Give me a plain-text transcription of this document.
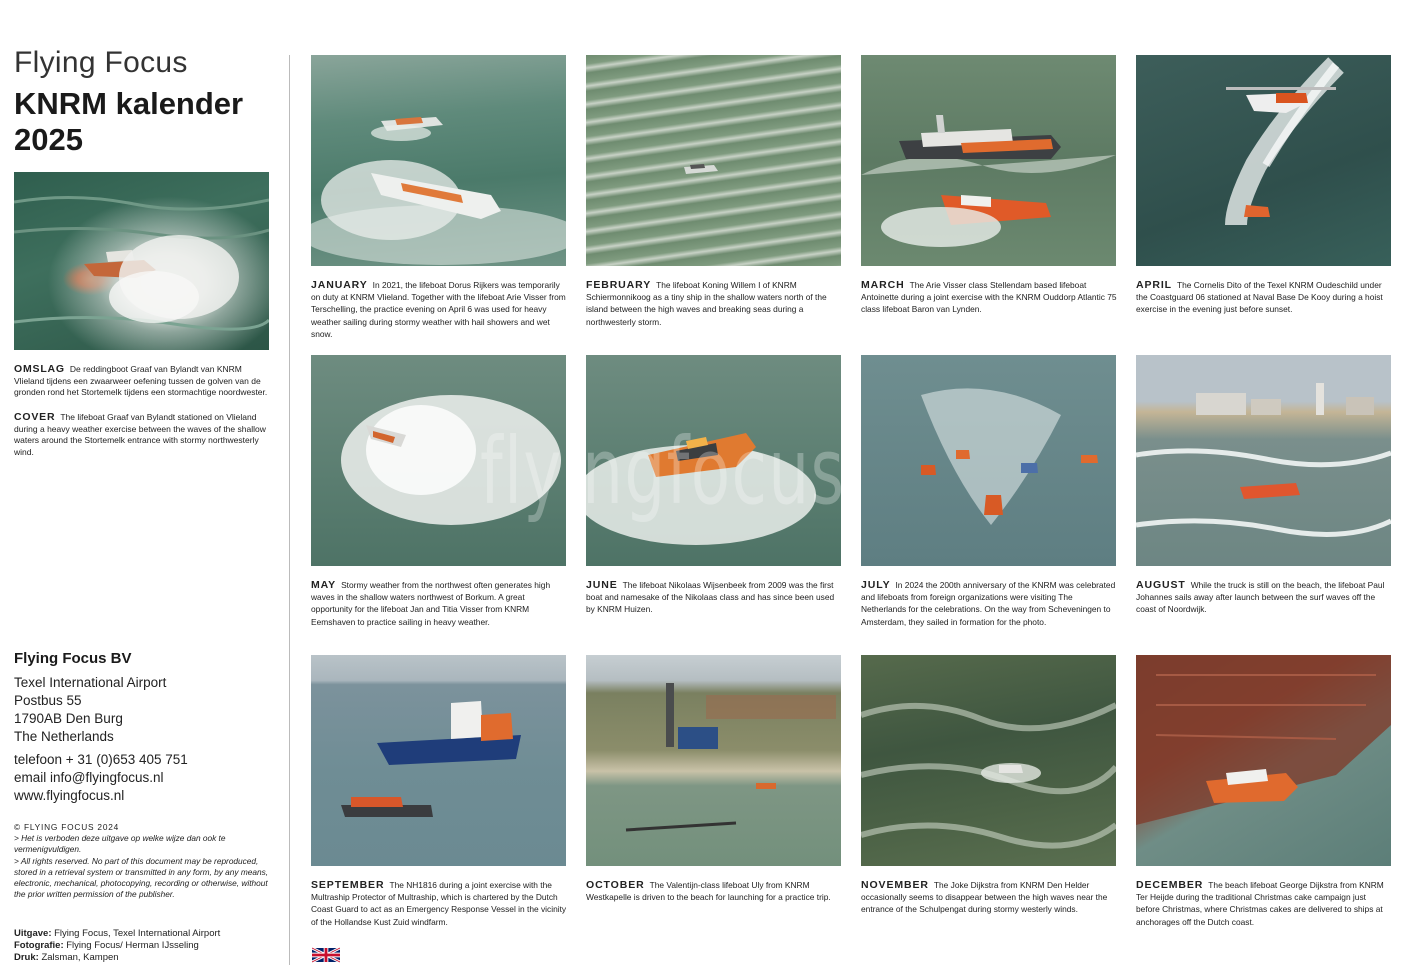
Flying Focus
KNRM kalender
2025
OMSLAG De reddingboot Graaf van Bylandt van KNRM Vlieland tijdens een zwaarweer oefening tussen de golven van de gronden rond het Stortemelk tijdens een stormachtige noordwester.
COVER The lifeboat Graaf van Bylandt stationed on Vlieland during a heavy weather exercise between the waves of the shallow waters around the Stortemelk entrance with stormy northwesterly wind.
Flying Focus BV
Texel International Airport
Postbus 55
1790AB Den Burg
The Netherlands
telefoon + 31 (0)653 405 751
email info@flyingfocus.nl
www.flyingfocus.nl
© FLYING FOCUS 2024
> Het is verboden deze uitgave op welke wijze dan ook te vermenigvuldigen.
> All rights reserved. No part of this document may be reproduced, stored in a retrieval system or transmitted in any form, by any means, electronic, mechanical, photocopying, recording or otherwise, without the prior written permission of the publisher.
Uitgave: Flying Focus, Texel International Airport
Fotografie: Flying Focus/ Herman IJsseling
Druk: Zalsman, Kampen
JANUARY In 2021, the lifeboat Dorus Rijkers was temporarily on duty at KNRM Vlieland. Together with the lifeboat Arie Visser from Terschelling, the practice evening on April 6 was used for heavy weather sailing during stormy weather with hail showers and wet snow.
FEBRUARY The lifeboat Koning Willem I of KNRM Schiermonnikoog as a tiny ship in the shallow waters north of the island between the high waves and breaking seas during a northwesterly storm.
MARCH The Arie Visser class Stellendam based lifeboat Antoinette during a joint exercise with the KNRM Ouddorp Atlantic 75 class lifeboat Baron van Lynden.
APRIL The Cornelis Dito of the Texel KNRM Oudeschild under the Coastguard 06 stationed at Naval Base De Kooy during a hoist exercise in the evening just before sunset.
MAY Stormy weather from the northwest often generates high waves in the shallow waters northwest of Borkum. A great opportunity for the lifeboat Jan and Titia Visser from KNRM Eemshaven to practice sailing in heavy weather.
JUNE The lifeboat Nikolaas Wijsenbeek from 2009 was the first boat and namesake of the Nikolaas class and has since been used by KNRM Huizen.
JULY In 2024 the 200th anniversary of the KNRM was celebrated and lifeboats from foreign organizations were visiting The Netherlands for the celebrations. On the way from Scheveningen to Amsterdam, they sailed in formation for the photo.
AUGUST While the truck is still on the beach, the lifeboat Paul Johannes sails away after launch between the surf waves off the coast of Noordwijk.
SEPTEMBER The NH1816 during a joint exercise with the Multraship Protector of Multraship, which is chartered by the Dutch Coast Guard to act as an Emergency Response Vessel in the vicinity of the Hollandse Kust Zuid windfarm.
OCTOBER The Valentijn-class lifeboat Uly from KNRM Westkapelle is driven to the beach for launching for a practice trip.
NOVEMBER The Joke Dijkstra from KNRM Den Helder occasionally seems to disappear between the high waves near the entrance of the Schulpengat during stormy westerly winds.
DECEMBER The beach lifeboat George Dijkstra from KNRM Ter Heijde during the traditional Christmas cake campaign just before Christmas, where Christmas cakes are delivered to ships at anchorages off the Dutch coast.
flyingfocus
